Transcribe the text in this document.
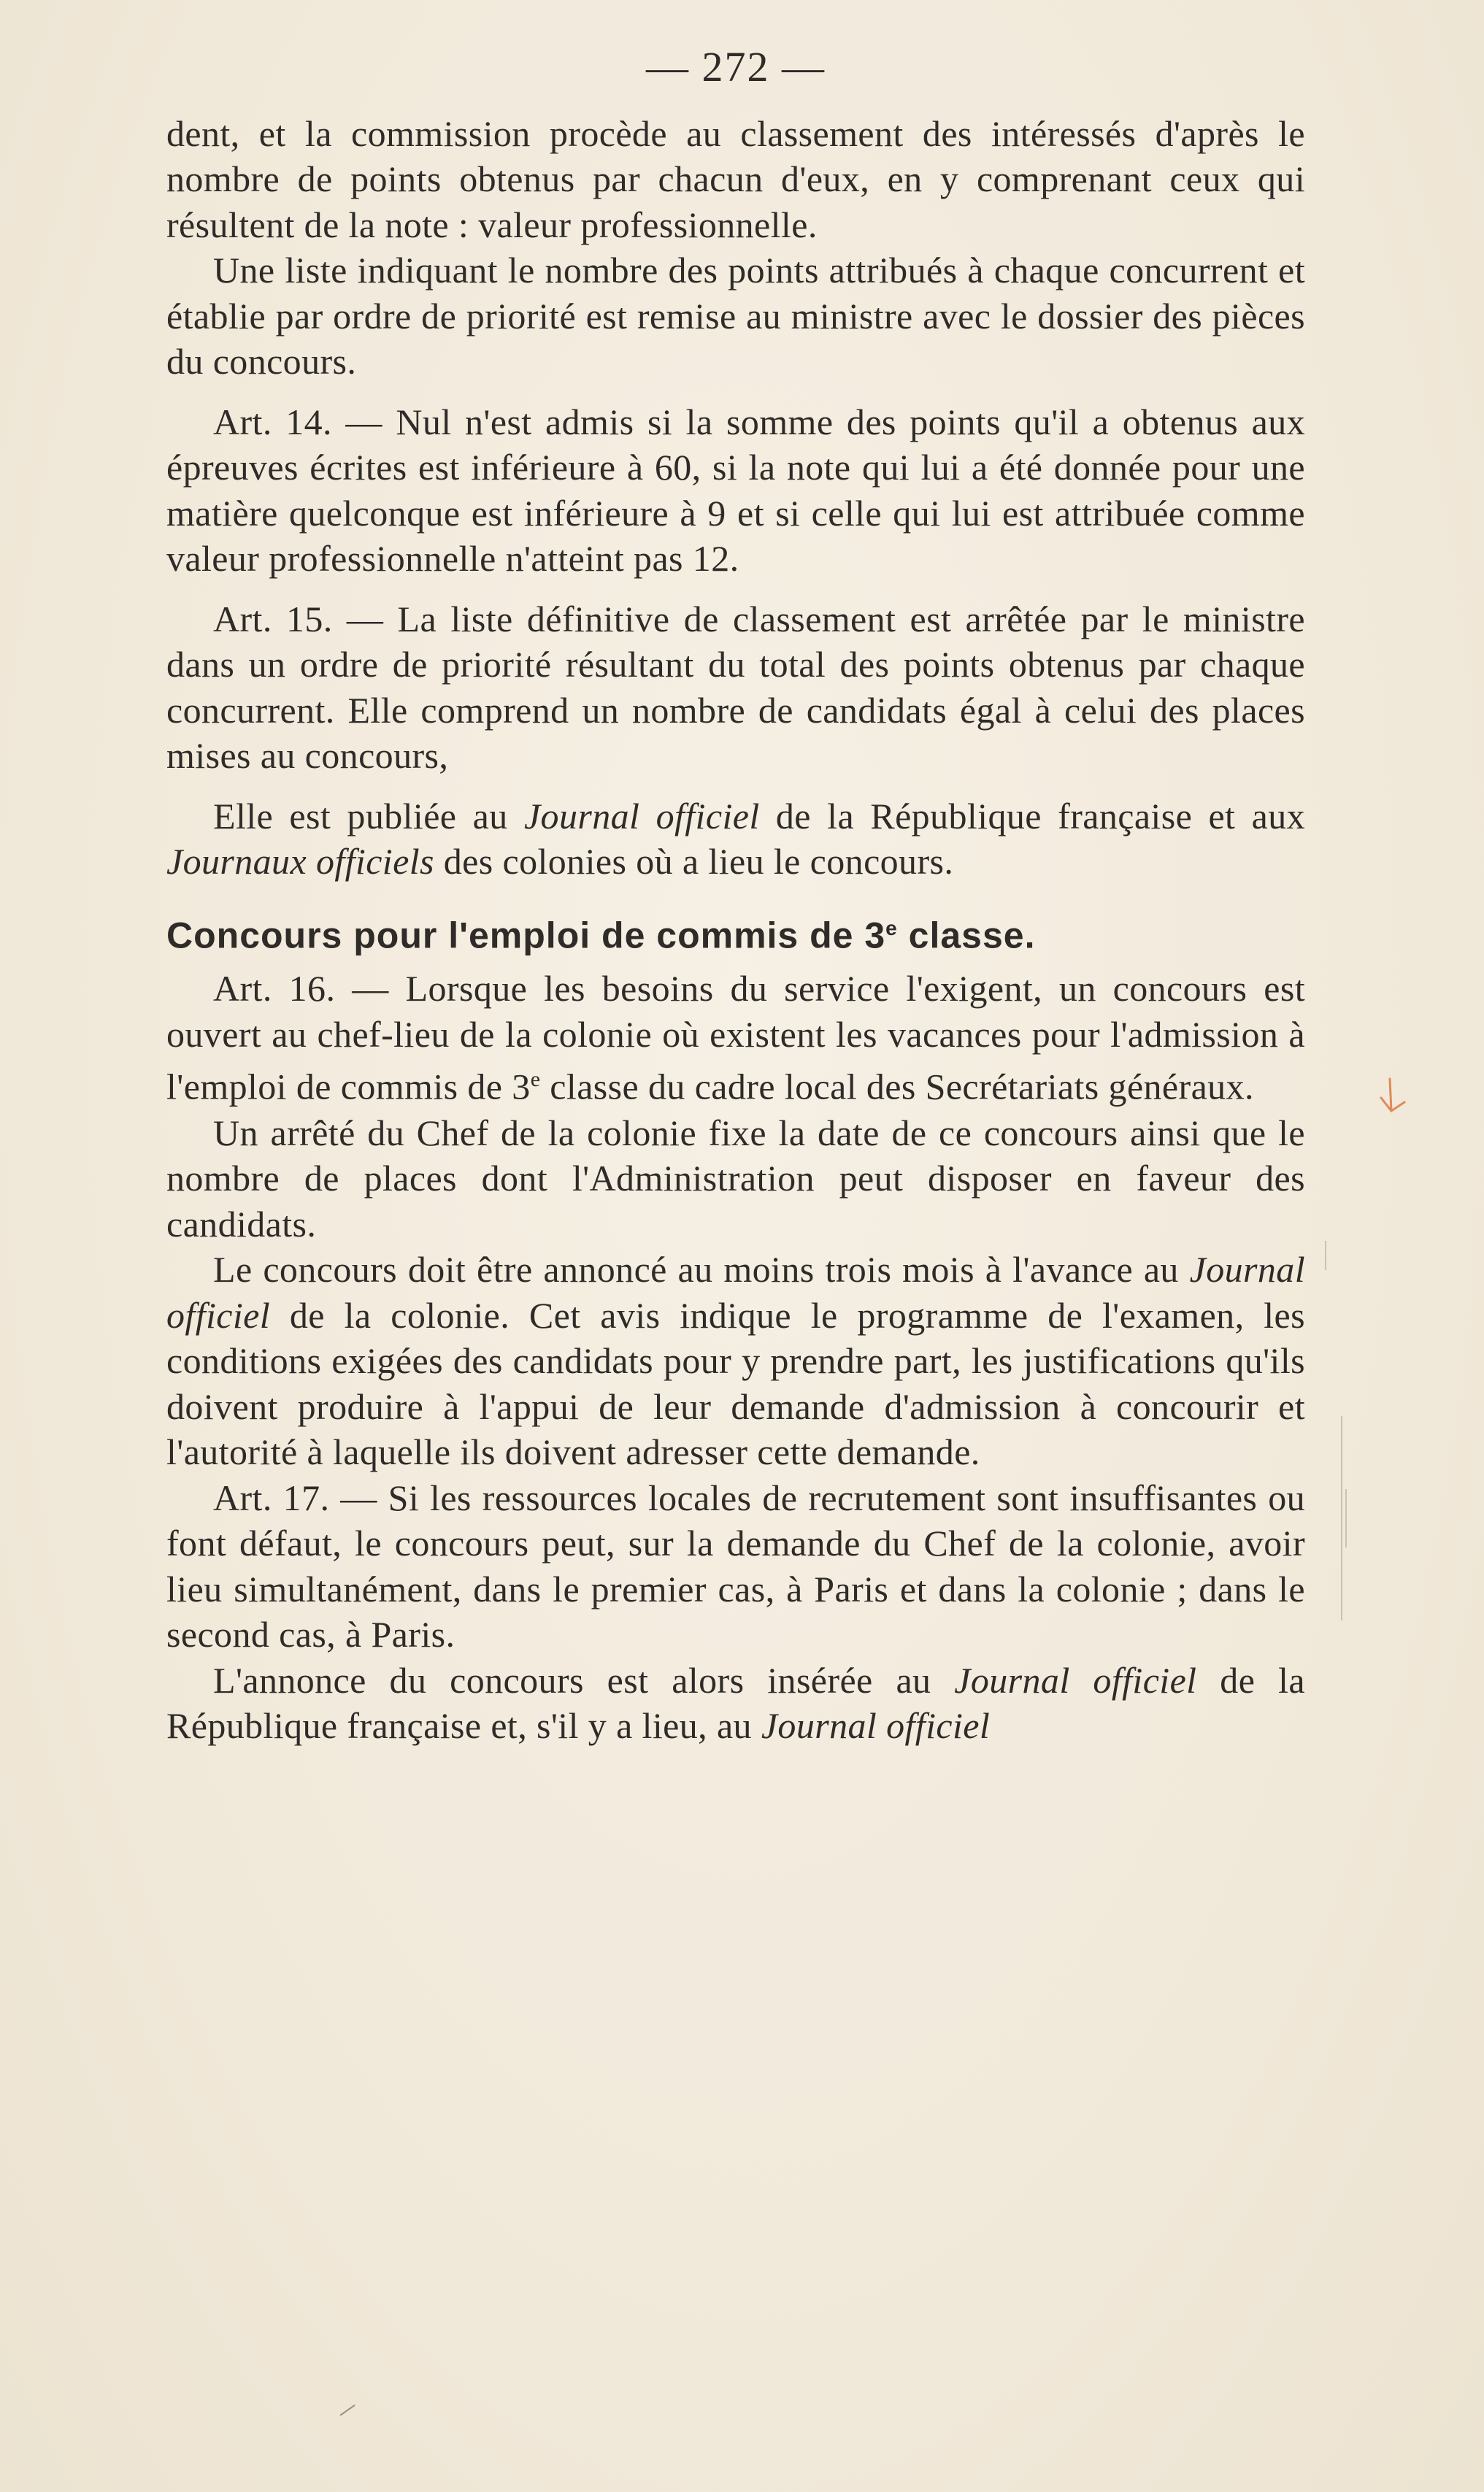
— 272 —

dent, et la commission procède au classement des intéressés d'après le nombre de points obtenus par chacun d'eux, en y comprenant ceux qui résultent de la note : valeur professionnelle.

Une liste indiquant le nombre des points attribués à chaque concurrent et établie par ordre de priorité est remise au ministre avec le dossier des pièces du concours.

Art. 14. — Nul n'est admis si la somme des points qu'il a obtenus aux épreuves écrites est inférieure à 60, si la note qui lui a été donnée pour une matière quelconque est inférieure à 9 et si celle qui lui est attribuée comme valeur professionnelle n'atteint pas 12.

Art. 15. — La liste définitive de classement est arrêtée par le ministre dans un ordre de priorité résultant du total des points obtenus par chaque concurrent. Elle comprend un nombre de candidats égal à celui des places mises au concours,

Elle est publiée au Journal officiel de la République française et aux Journaux officiels des colonies où a lieu le concours.

Concours pour l'emploi de commis de 3e classe.

Art. 16. — Lorsque les besoins du service l'exigent, un concours est ouvert au chef-lieu de la colonie où existent les vacances pour l'admission à l'emploi de commis de 3e classe du cadre local des Secrétariats généraux.

Un arrêté du Chef de la colonie fixe la date de ce concours ainsi que le nombre de places dont l'Administration peut disposer en faveur des candidats.

Le concours doit être annoncé au moins trois mois à l'avance au Journal officiel de la colonie. Cet avis indique le programme de l'examen, les conditions exigées des candidats pour y prendre part, les justifications qu'ils doivent produire à l'appui de leur demande d'admission à concourir et l'autorité à laquelle ils doivent adresser cette demande.

Art. 17. — Si les ressources locales de recrutement sont insuffisantes ou font défaut, le concours peut, sur la demande du Chef de la colonie, avoir lieu simultanément, dans le premier cas, à Paris et dans la colonie ; dans le second cas, à Paris.

L'annonce du concours est alors insérée au Journal officiel de la République française et, s'il y a lieu, au Journal officiel
